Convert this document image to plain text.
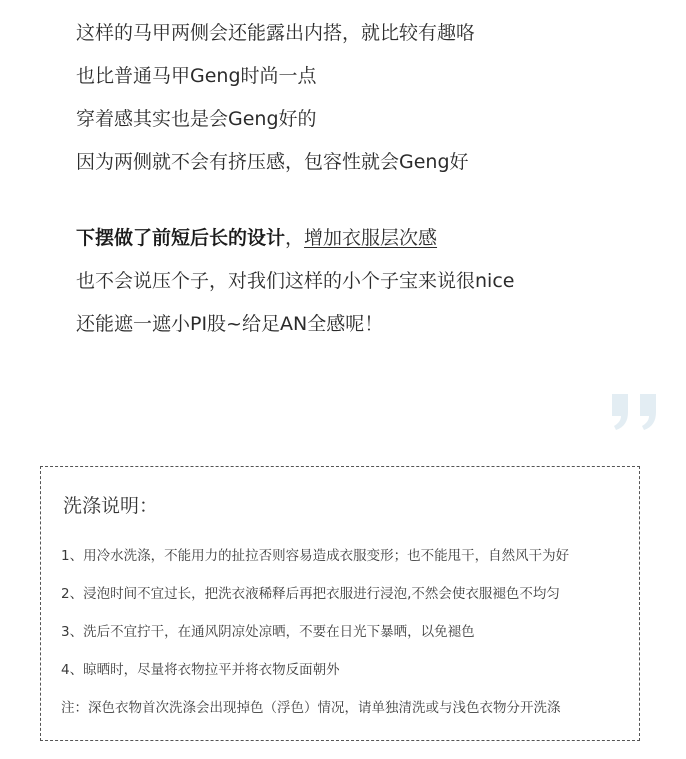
这样的马甲两侧会还能露出内搭，就比较有趣咯
也比普通马甲Geng时尚一点
穿着感其实也是会Geng好的
因为两侧就不会有挤压感，包容性就会Geng好
下摆做了前短后长的设计，增加衣服层次感
也不会说压个子，对我们这样的小个子宝来说很nice
还能遮一遮小PI股~给足AN全感呢！
洗涤说明：
1、用冷水洗涤，不能用力的扯拉否则容易造成衣服变形；也不能甩干，自然风干为好
2、浸泡时间不宜过长，把洗衣液稀释后再把衣服进行浸泡,不然会使衣服褪色不均匀
3、洗后不宜拧干，在通风阴凉处凉晒，不要在日光下暴晒，以免褪色
4、晾晒时，尽量将衣物拉平并将衣物反面朝外
注：深色衣物首次洗涤会出现掉色（浮色）情况，请单独清洗或与浅色衣物分开洗涤
